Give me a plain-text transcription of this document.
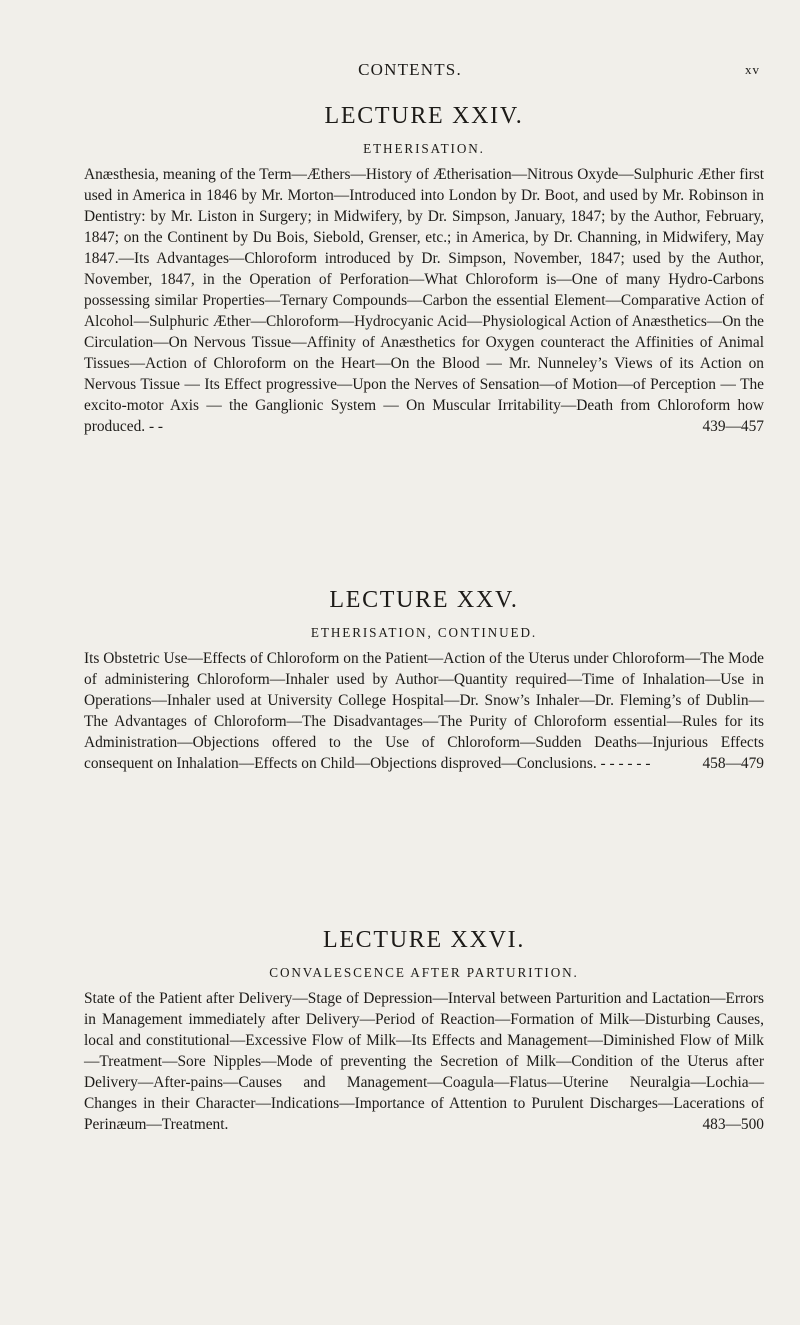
CONTENTS.	xv
LECTURE XXIV.
ETHERISATION.

Anæsthesia, meaning of the Term—Æthers—History of Ætherisation—Nitrous Oxyde—Sulphuric Æther first used in America in 1846 by Mr. Morton—Introduced into London by Dr. Boot, and used by Mr. Robinson in Dentistry: by Mr. Liston in Surgery; in Midwifery, by Dr. Simpson, January, 1847; by the Author, February, 1847; on the Continent by Du Bois, Siebold, Grenser, etc.; in America, by Dr. Channing, in Midwifery, May 1847.—Its Advantages—Chloroform introduced by Dr. Simpson, November, 1847; used by the Author, November, 1847, in the Operation of Perforation—What Chloroform is—One of many Hydro-Carbons possessing similar Properties—Ternary Compounds—Carbon the essential Element—Comparative Action of Alcohol—Sulphuric Æther—Chloroform—Hydrocyanic Acid—Physiological Action of Anæsthetics—On the Circulation—On Nervous Tissue—Affinity of Anæsthetics for Oxygen counteract the Affinities of Animal Tissues—Action of Chloroform on the Heart—On the Blood — Mr. Nunneley’s Views of its Action on Nervous Tissue — Its Effect progressive—Upon the Nerves of Sensation—of Motion—of Perception — The excito-motor Axis — the Ganglionic System — On Muscular Irritability—Death from Chloroform how produced. - -	439—457

LECTURE XXV.
ETHERISATION, CONTINUED.

Its Obstetric Use—Effects of Chloroform on the Patient—Action of the Uterus under Chloroform—The Mode of administering Chloroform—Inhaler used by Author—Quantity required—Time of Inhalation—Use in Operations—Inhaler used at University College Hospital—Dr. Snow’s Inhaler—Dr. Fleming’s of Dublin—The Advantages of Chloroform—The Disadvantages—The Purity of Chloroform essential—Rules for its Administration—Objections offered to the Use of Chloroform—Sudden Deaths—Injurious Effects consequent on Inhalation—Effects on Child—Objections disproved—Conclusions. - - - - - -	458—479

LECTURE XXVI.
CONVALESCENCE AFTER PARTURITION.

State of the Patient after Delivery—Stage of Depression—Interval between Parturition and Lactation—Errors in Management immediately after Delivery—Period of Reaction—Formation of Milk—Disturbing Causes, local and constitutional—Excessive Flow of Milk—Its Effects and Management—Diminished Flow of Milk—Treatment—Sore Nipples—Mode of preventing the Secretion of Milk—Condition of the Uterus after Delivery—After-pains—Causes and Management—Coagula—Flatus—Uterine Neuralgia—Lochia—Changes in their Character—Indications—Importance of Attention to Purulent Discharges—Lacerations of Perinæum—Treatment.	483—500
